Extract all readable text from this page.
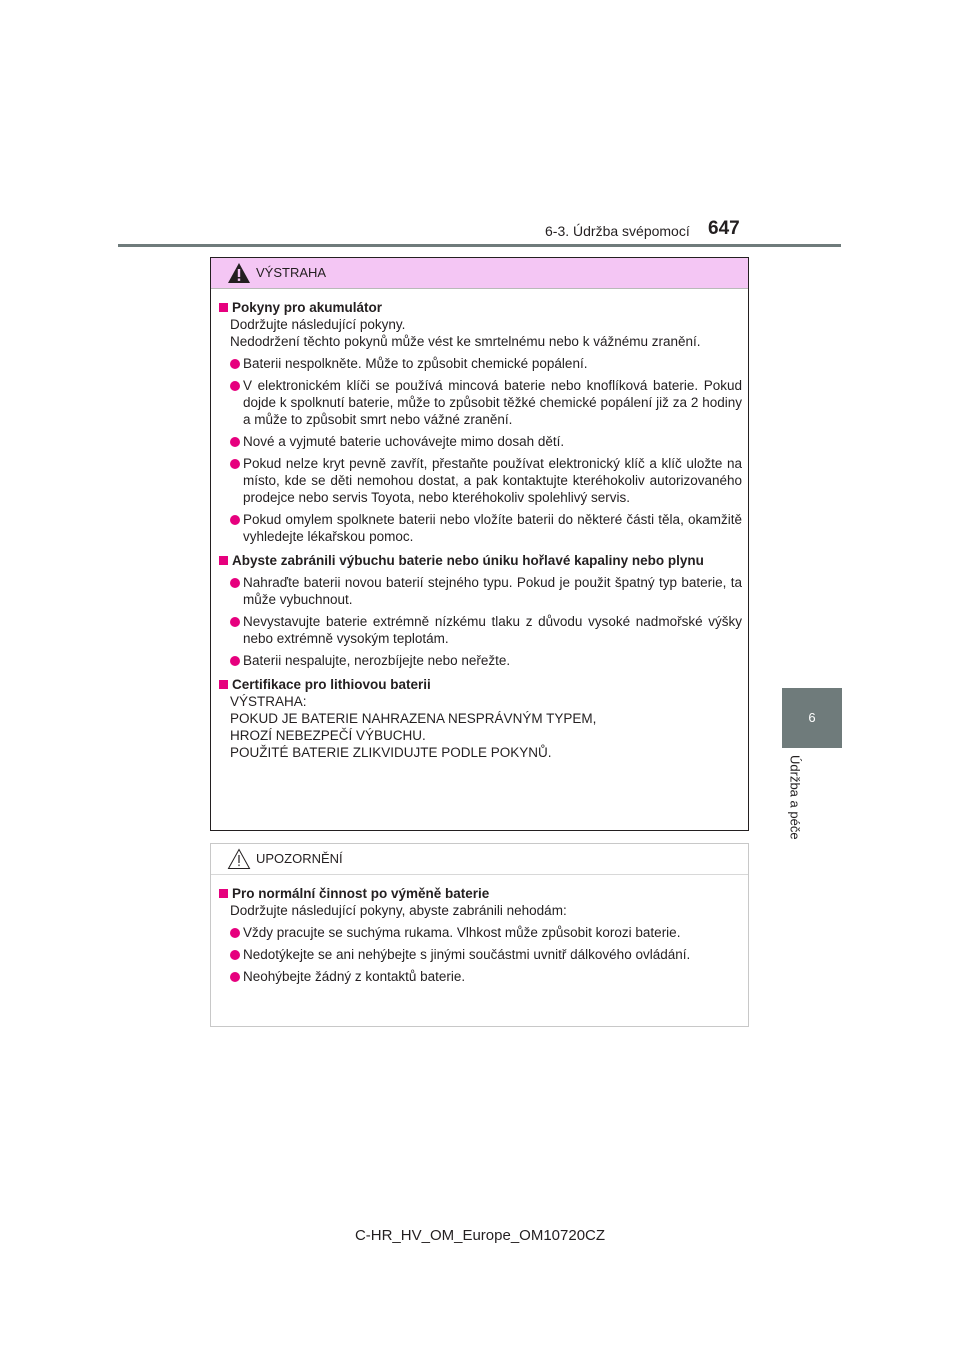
6-3. Údržba svépomocí 647
6
Údržba a péče
VÝSTRAHA
Pokyny pro akumulátor
Dodržujte následující pokyny.
Nedodržení těchto pokynů může vést ke smrtelnému nebo k vážnému zranění.
Baterii nespolkněte. Může to způsobit chemické popálení.
V elektronickém klíči se používá mincová baterie nebo knoflíková baterie. Pokud dojde k spolknutí baterie, může to způsobit těžké chemické popálení již za 2 hodiny a může to způsobit smrt nebo vážné zranění.
Nové a vyjmuté baterie uchovávejte mimo dosah dětí.
Pokud nelze kryt pevně zavřít, přestaňte používat elektronický klíč a klíč uložte na místo, kde se děti nemohou dostat, a pak kontaktujte kteréhokoliv autorizovaného prodejce nebo servis Toyota, nebo kteréhokoliv spolehlivý servis.
Pokud omylem spolknete baterii nebo vložíte baterii do některé části těla, okamžitě vyhledejte lékařskou pomoc.
Abyste zabránili výbuchu baterie nebo úniku hořlavé kapaliny nebo plynu
Nahraďte baterii novou baterií stejného typu. Pokud je použit špatný typ baterie, ta může vybuchnout.
Nevystavujte baterie extrémně nízkému tlaku z důvodu vysoké nadmořské výšky nebo extrémně vysokým teplotám.
Baterii nespalujte, nerozbíjejte nebo neřežte.
Certifikace pro lithiovou baterii
VÝSTRAHA:
POKUD JE BATERIE NAHRAZENA NESPRÁVNÝM TYPEM,
HROZÍ NEBEZPEČÍ VÝBUCHU.
POUŽITÉ BATERIE ZLIKVIDUJTE PODLE POKYNŮ.
UPOZORNĚNÍ
Pro normální činnost po výměně baterie
Dodržujte následující pokyny, abyste zabránili nehodám:
Vždy pracujte se suchýma rukama. Vlhkost může způsobit korozi baterie.
Nedotýkejte se ani nehýbejte s jinými součástmi uvnitř dálkového ovládání.
Neohýbejte žádný z kontaktů baterie.
C-HR_HV_OM_Europe_OM10720CZ
